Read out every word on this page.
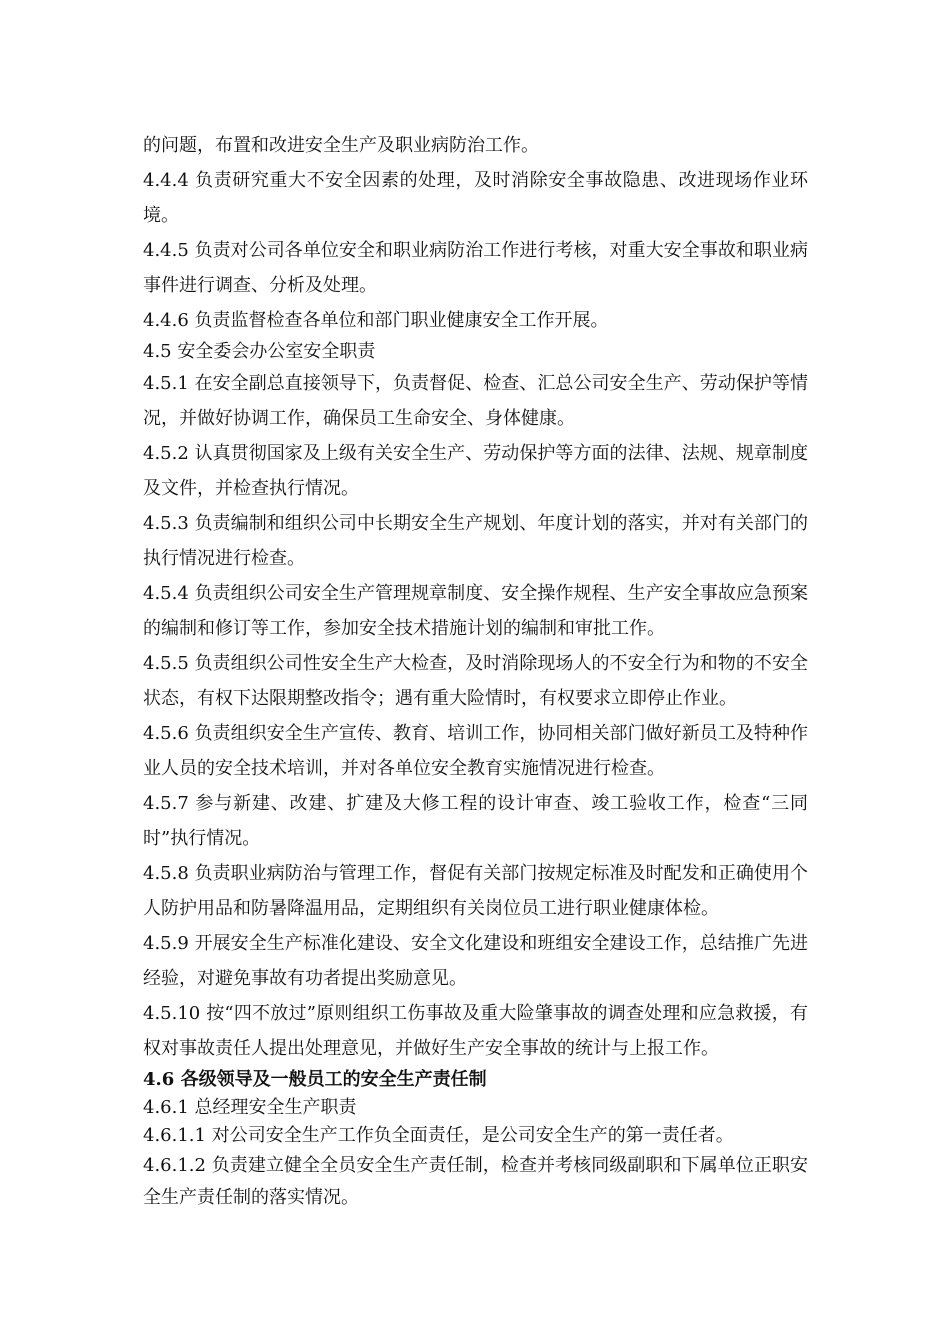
的问题，布置和改进安全生产及职业病防治工作。

4.4.4 负责研究重大不安全因素的处理，及时消除安全事故隐患、改进现场作业环境。

4.4.5 负责对公司各单位安全和职业病防治工作进行考核，对重大安全事故和职业病事件进行调查、分析及处理。

4.4.6 负责监督检查各单位和部门职业健康安全工作开展。

4.5 安全委会办公室安全职责

4.5.1 在安全副总直接领导下，负责督促、检查、汇总公司安全生产、劳动保护等情况，并做好协调工作，确保员工生命安全、身体健康。

4.5.2 认真贯彻国家及上级有关安全生产、劳动保护等方面的法律、法规、规章制度及文件，并检查执行情况。

4.5.3 负责编制和组织公司中长期安全生产规划、年度计划的落实，并对有关部门的执行情况进行检查。

4.5.4 负责组织公司安全生产管理规章制度、安全操作规程、生产安全事故应急预案的编制和修订等工作，参加安全技术措施计划的编制和审批工作。

4.5.5 负责组织公司性安全生产大检查，及时消除现场人的不安全行为和物的不安全状态，有权下达限期整改指令；遇有重大险情时，有权要求立即停止作业。

4.5.6 负责组织安全生产宣传、教育、培训工作，协同相关部门做好新员工及特种作业人员的安全技术培训，并对各单位安全教育实施情况进行检查。

4.5.7 参与新建、改建、扩建及大修工程的设计审查、竣工验收工作，检查“三同时”执行情况。

4.5.8 负责职业病防治与管理工作，督促有关部门按规定标准及时配发和正确使用个人防护用品和防暑降温用品，定期组织有关岗位员工进行职业健康体检。

4.5.9 开展安全生产标准化建设、安全文化建设和班组安全建设工作，总结推广先进经验，对避免事故有功者提出奖励意见。

4.5.10 按“四不放过”原则组织工伤事故及重大险肇事故的调查处理和应急救援，有权对事故责任人提出处理意见，并做好生产安全事故的统计与上报工作。

4.6 各级领导及一般员工的安全生产责任制

4.6.1 总经理安全生产职责

4.6.1.1 对公司安全生产工作负全面责任，是公司安全生产的第一责任者。

4.6.1.2 负责建立健全全员安全生产责任制，检查并考核同级副职和下属单位正职安全生产责任制的落实情况。
